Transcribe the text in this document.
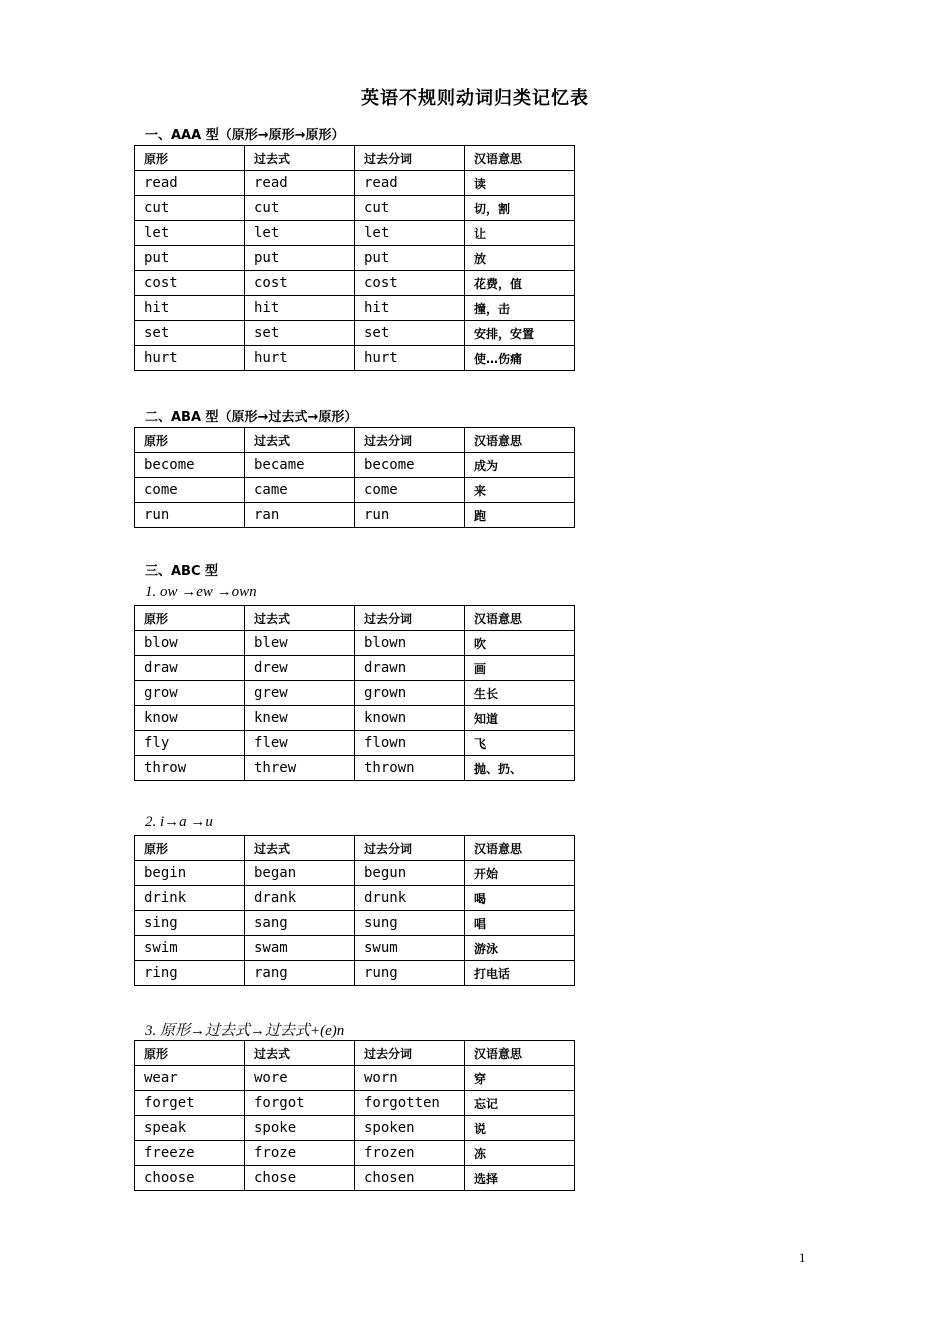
英语不规则动词归类记忆表
一、AAA 型（原形→原形→原形）
原形	过去式	过去分词	汉语意思
read	read	read	读
cut	cut	cut	切，割
let	let	let	让
put	put	put	放
cost	cost	cost	花费，值
hit	hit	hit	撞，击
set	set	set	安排，安置
hurt	hurt	hurt	使…伤痛
二、ABA 型（原形→过去式→原形）
原形	过去式	过去分词	汉语意思
become	became	become	成为
come	came	come	来
run	ran	run	跑
三、ABC 型
1. ow →ew →own
原形	过去式	过去分词	汉语意思
blow	blew	blown	吹
draw	drew	drawn	画
grow	grew	grown	生长
know	knew	known	知道
fly	flew	flown	飞
throw	threw	thrown	抛、扔、
2. i→a →u
原形	过去式	过去分词	汉语意思
begin	began	begun	开始
drink	drank	drunk	喝
sing	sang	sung	唱
swim	swam	swum	游泳
ring	rang	rung	打电话
3. 原形→过去式→过去式+(e)n
原形	过去式	过去分词	汉语意思
wear	wore	worn	穿
forget	forgot	forgotten	忘记
speak	spoke	spoken	说
freeze	froze	frozen	冻
choose	chose	chosen	选择
1
